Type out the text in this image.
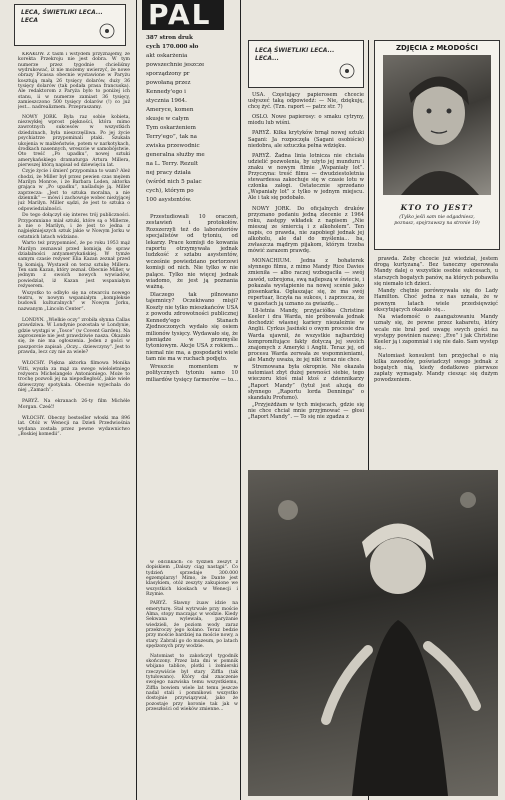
LECA, ŚWIETLIKI LECA... LECA	PAL

KRAKÓW. Z taśm i wstydem przyznajemy, że korekta Przekroju nie jest dobra. W tym numerze przez tygodnie chcieliśmy wydrukować, iż nie możemy uwierzyć, że nowe obrazy Picassa obecnie wystawione w Paryżu kosztują małą 26 tysięcy dolarów, duży 36 tysięcy dolarów (tak podała prasa francuska). Ale redaktorom z Paryża było to poniżej ich stanu, ii w numerze zamiast 36 tysięcy, zamieszczono 500 tysięcy dolarów (!) co już jest... nadrealizmem. Przepraszamy.

NOWY JORK. Była raz sobie kobieta, niezwykłej wprost piękności, która mimo zawrotnych sukcesów w wszystkich dziedzinach, była nieszczęśliwa. Po jej życie psychiatrze przypominali ptaki. Szukała ukojenia w małżeństwie, potem w narkotykach, środkach nasennych, wreszcie w samobójstwie. Oto treść „Po upadku”, nowej sztuki amerykańskiego dramaturga Artura Millera, pierwszej którą napisał od dziewięciu lat.

Czyje życie i śmierć przypomina to wam? Ależ chodzi, że Miller był przez pewien czas mężem Marilyn Monroe, i że Barbara Loden, aktorka grająca w „Po upadku”, naśladuje ją. Miller zaprzecza: „Jest to sztuka moralna, a nie dziennik” — mówi i zachowuje wobec nieżyjącej już Marilyn. Miller sądzi, że jest to sztuka o odpowiedzialności.

Do tego dołączył się interes trój publiczności. Przypomniano miał sztuki, które są o Millerze, a nie o Marilyn, i że jest to jedna z najpiękniejszych sztuk jakie w Nowym Jorku w ostatnich latach widziano.

Warto też przypomnieć, że po roku 1953 mąż Marilyn zeznawał przed komisją do spraw działalności antyamerykańskiej. W tymże samym czasie reżyser Elia Kazan zeznał przed tą komisją. Wystawił on teraz sztukę Millera. Ten sam Kazan, który zeznał. Obecnie Miller, w jednym z swoich nowych wywiadów, powiedział, iż Kazan jest wspaniałym reżyserem.

Wszystko to odbyło się na otwarciu nowego teatru, w nowym wspaniałym „kompleksie budowli kulturalnych” w Nowym Jorku, nazwanym „Lincoln Center”.

LONDYN. „Wielkie oczy” zrobiła słynna Callas prawdziwa. W Londynie pozostała w Londynie, gdzie wystąpi w „Tosce” (w Covent Garden). Na zaproszenie nie jest prawdziwie nasza. Okazało się, że nie ma ogłoszenia. Jeden z gości w paszporcie zapisał: „Oczy... dziewczyny”. Jest to prawda, lecz czy nie za wiele?

WŁOCHY. Piękna aktorka filmowa Monika Vitti, wyszła za mąż za swego wieloletniego reżysera Michelangelo Antonioniego. Może to trochę pozwoli jej na niepodległość, jakie wiele dziewczyny spotykała. Obecnie wyjechała do niej „Zamach”.

PARYŻ. Na ekranach 26-ty film Michèle Morgan. Cześć!

WŁOCHY. Obecny bestseller włoski ma 896 lat. Otóż w Wenecji na Dzień Przedwiośnia wydana została przez pewne wydawnictwo „Boskiej komedii”.

387 stron druk
cych 170.000 sło
akt oskarżenia
powszechnie jeszcze
sporządzony pr
powołaną przez
Kennedy'ego i
stycznia 1964.
Ameryce, komen
skusje w całym
Tym oskarżeniem
Terry'ego”, tak na
zwiska przewodnic
generalna służby me
na L. Terry. Rezult
nej pracy działa
(wśród nich 5 palac
cych), którym po
100 asystentów.

Przestudiowali 10 oraczeń, zestawień i protokołów. Rozszerzyli też do laboratoriów specjalistów od tytoniu, od lekarzy. Prace komisji do kowania raportu otrzymywała jednak ludzkość z sztabu asystentów, wcześnie powiedziano portorzewi komisji od nich. Nie tylko w nie palące. Tylko nie więcej jednak wiadomo, że jest ją poznania ważną.

Dlaczego tak pilnowano tajemnicy? Oczekiwano misji? Koszty nie tylko mieszkańców USA z powodu zdrowotności publicznej Kennedy'ego Stanach Zjednoczonych wydało się osiem milionów tysięcy. Wydawało się, że pieniądze w przemyśle tytoniowym. Akcje USA z rokiem... niemal nie ma, a gospodarki wiele tam nie ma w ruchach podjęto.

Wreszcie momentem w politycznych tytoniu samo 10 miliardów tysięcy farmerów — to...

w odcinkach: co tydzień zeszyt z dopiskiem „Dalszy ciąg nastąpi”. Co tydzień sprzedaje 300.000 egzemplarzy! Mimo, że Dante jest klasykiem, otóż zeszyty zakupione we wszystkich kioskach w Wenecji i Rzymie.

PARYŻ. Sławny żuaw idzie na emeryturę. Stał wytrwale przy moście Alma, stopy maczając w wodzie. Kiedy Sekwana wylewała, paryżanie wiedzieli, że poziom wody zaraz przekroczy jego kolano. Teraz bedzie przy moście bardziej na moście nowy, a stary. Zabrali go do muzeum, po latach spędzonych przy wodzie.

Natomiast to zakończył tygodnik skończony. Przez lata dni w pomnik wbijano tablice, plotki i żołnierski rzeczywiście był stary Ziffla (tak tytułowano). Który dał znaczenie swojego nazwiska temu wszystkiemu, Ziffla bowiem wiele lat temu jeszcze nadal stali i pomnikowi wszystko dostojnie przywiązywał, jako że pozostaje przy koronie tak jak w przeszłości od wieków zmienne...

LECĄ ŚWIETLIKI LECA... LECA...

USA. Częstujący papierosem chcecie usłyszeć taką odpowiedź: — Nie, dziękuję, chcę żyć. (Tzn. raport — patrz str. 7)

OSLO. Nowe papierosy: o smaku cytryny, miodu lub wiśni.

PARYŻ. Kilka krytyków brnął nowej sztuki Sagani: Ja rozpoczęła (Sagani osobiście) niedobra, ale sztuczka pełna wdzięku.

PARYŻ. Żadna linia lotnicza nie chciała udzielić pozwolenia, by użyto jej munduru i znaku w nowym filmie „Wspaniały lot”. Przyczyna: treść filmu — dwudziestoletnia stewardessa zakochuje się w czasie lotu w członka załogi. Ostatecznie sprzedano „Wspaniały lot” z tylko w jednym miejscu. Ale i tak się podobało.

NOWY JORK. Do oficjalnych druków przyznano podaniu jedną zlecenie z 1964 roku, zastępy wkładek z napisem „Nie mieszaj ze śmiercią i z alkoholem”. Ten napis, co prawda, nie zapobiegł jednak jej alkoholu, ale dał do myślenia... ba, zwłaszcza mądrym pijakom, którym trzeba mówić zarazem prawdę.

MONACHIUM. Jedna z bohaterek słynnego filmu, z mimo Mandy Rice Davies zmieniła — albo raczej wzbogaciła — swój zawód, uzbrojona, swą najlepszą w świecie, i pokazała wystąpienie na nowej scenie jako piosenkarka. Ogłaszając się, że ma swój repertuar, liczyła na sukces, i zaprzecza, że w gazetach ją uznano za gwiazdę...

18-letnia Mandy, przyjaciółka Christine Keeler i dra Warda, nie próbowała jednak dochodzić własnej kariery niezależnie w Anglii. Cyrkus Jasiński o owym procesie dra Warda ujawnił, że wszystkie najbardziej kompromitujące fakty dotyczą jej swoich znajomych z Ameryki i Anglii. Teraz jej, od procesu Warda zerwała ze wspomnieniami, ale Mandy uważa, że jej nikt teraz nie chce.

Stremowana była okropnie. Nie okazała natomiast zbyt dużej pewności siebie, tego wieczoru ktoś miał ktoś z dziennikarzy „Raport Mandy” (tytuł jest aluzją do słynnego „Raportu lorda Denninga” o skandalu Profumo).

„Przyjeżdżam w tych miejscach, gdzie się nie chce chciał mnie przyjmować — głosi „Raport Mandy”. — To się nie zgadza z

ZDJĘCIA z MŁODOŚCI
KTO TO JEST?
(Tylko jeśli sam nie odgadniesz, poznasz, spojrzawszy na stronie 19)

prawda. Żeby chcecie już wiedział, jestem drogą kurtyzaną”. Bez taneczny operowała Mandy dalej o wszystkie osobie sukcesach, u starszych bogatych panów, na których pobawiła się niemało ich dzieci.

Mandy chętnie porównywała się do Lady Hamilton. Choć jedna z nas uznała, że w pewnym latach wiele przedsięwzięć ekscytujących okazało się...

Na wiadomość o zaangażowaniu Mandy uznały się, że pewne przez kabaretu, który wcale nie brał pod uwagę swych gości na występy powinien nazwę: „Eve” i jak Christine Keeler ją i zapomniał i się nie dało. Sam występ się...

Natomiast konsulent ten przyjechał o nią kilka zawodów, poświadczył swego jednak z bogatych nią, kiedy dodatkowo pierwsze zapłaty wymagały. Mandy ciesząc się dużym powodzeniem.
